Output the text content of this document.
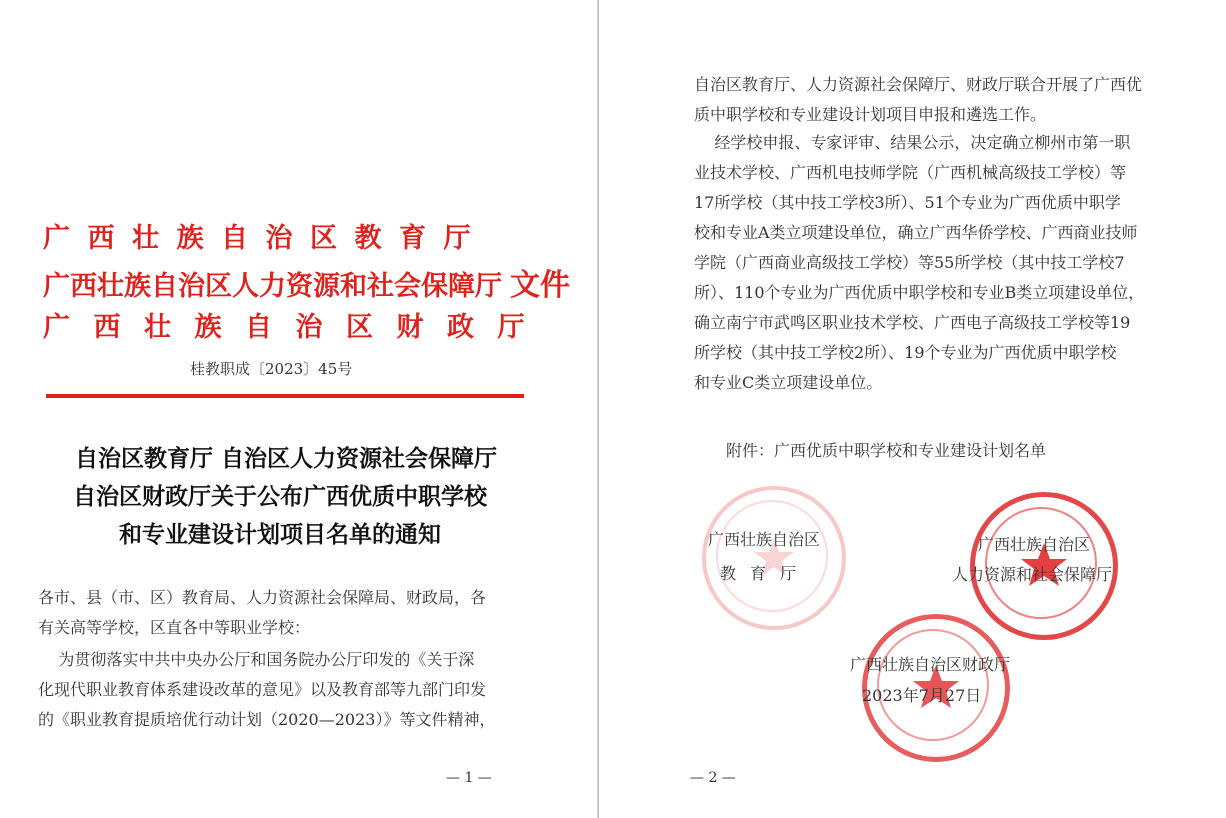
广西壮族自治区教育厅
广西壮族自治区人力资源和社会保障厅 文件
广西壮族自治区财政厅
桂教职成〔2023〕45号
自治区教育厅 自治区人力资源社会保障厅
自治区财政厅关于公布广西优质中职学校
和专业建设计划项目名单的通知
各市、县（市、区）教育局、人力资源社会保障局、财政局，各
有关高等学校，区直各中等职业学校：
为贯彻落实中共中央办公厅和国务院办公厅印发的《关于深
化现代职业教育体系建设改革的意见》以及教育部等九部门印发
的《职业教育提质培优行动计划（2020—2023）》等文件精神，
— 1 —
自治区教育厅、人力资源社会保障厅、财政厅联合开展了广西优
质中职学校和专业建设计划项目申报和遴选工作。
经学校申报、专家评审、结果公示，决定确立柳州市第一职
业技术学校、广西机电技师学院（广西机械高级技工学校）等
17所学校（其中技工学校3所）、51个专业为广西优质中职学
校和专业A类立项建设单位，确立广西华侨学校、广西商业技师
学院（广西商业高级技工学校）等55所学校（其中技工学校7
所）、110个专业为广西优质中职学校和专业B类立项建设单位，
确立南宁市武鸣区职业技术学校、广西电子高级技工学校等19
所学校（其中技工学校2所）、19个专业为广西优质中职学校
和专业C类立项建设单位。
附件：广西优质中职学校和专业建设计划名单
广西壮族自治区
教育厅
广西壮族自治区
人力资源和社会保障厅
广西壮族自治区财政厅
2023年7月27日
— 2 —
